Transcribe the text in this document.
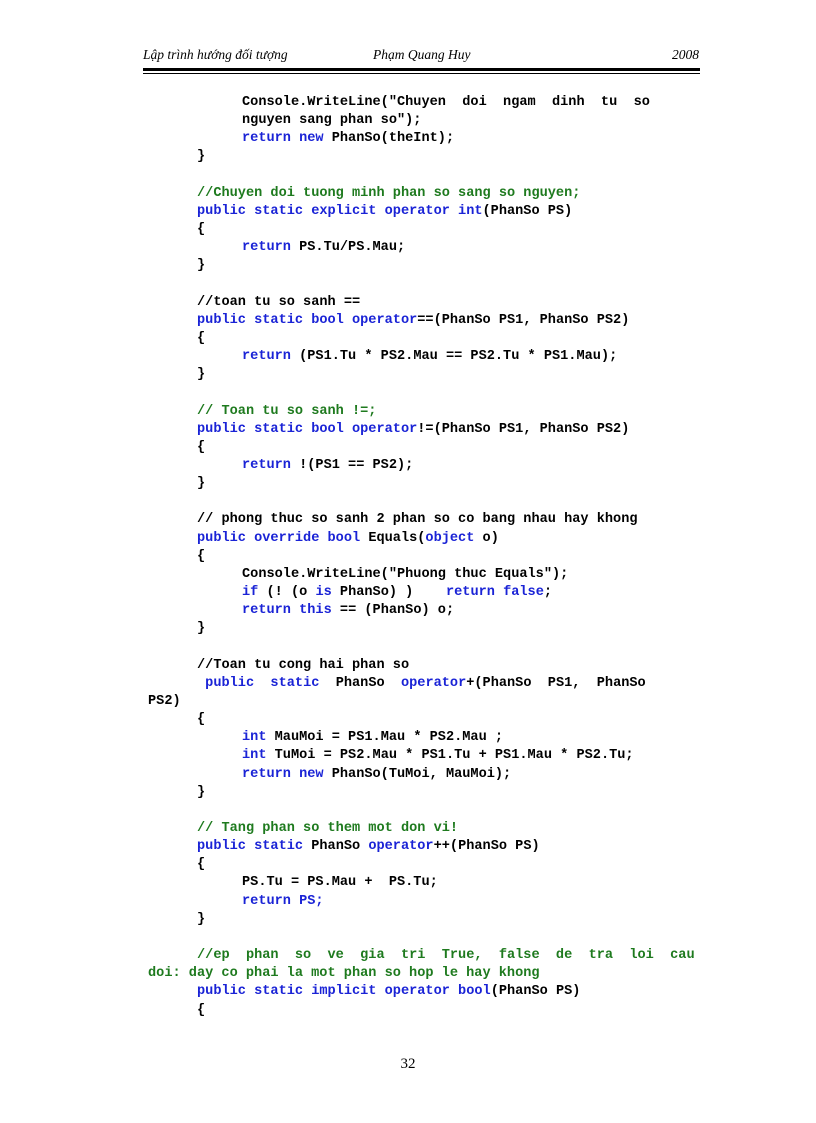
Lập trình hướng đối tượng	Phạm Quang Huy	2008
Console.WriteLine("Chuyen  doi  ngam  dinh  tu  so
nguyen sang phan so");
return new PhanSo(theInt);
}
//Chuyen doi tuong minh phan so sang so nguyen;
public static explicit operator int(PhanSo PS)
{
return PS.Tu/PS.Mau;
}
//toan tu so sanh ==
public static bool operator==(PhanSo PS1, PhanSo PS2)
{
return (PS1.Tu * PS2.Mau == PS2.Tu * PS1.Mau);
}
// Toan tu so sanh !=;
public static bool operator!=(PhanSo PS1, PhanSo PS2)
{
return !(PS1 == PS2);
}
// phong thuc so sanh 2 phan so co bang nhau hay khong
public override bool Equals(object o)
{
Console.WriteLine("Phuong thuc Equals");
if (! (o is PhanSo) )    return false;
return this == (PhanSo) o;
}
//Toan tu cong hai phan so
public  static  PhanSo  operator+(PhanSo  PS1,  PhanSo
PS2)
{
int MauMoi = PS1.Mau * PS2.Mau ;
int TuMoi = PS2.Mau * PS1.Tu + PS1.Mau * PS2.Tu;
return new PhanSo(TuMoi, MauMoi);
}
// Tang phan so them mot don vi!
public static PhanSo operator++(PhanSo PS)
{
PS.Tu = PS.Mau +  PS.Tu;
return PS;
}
//ep  phan  so  ve  gia  tri  True,  false  de  tra  loi  cau
doi: day co phai la mot phan so hop le hay khong
public static implicit operator bool(PhanSo PS)
{
32
